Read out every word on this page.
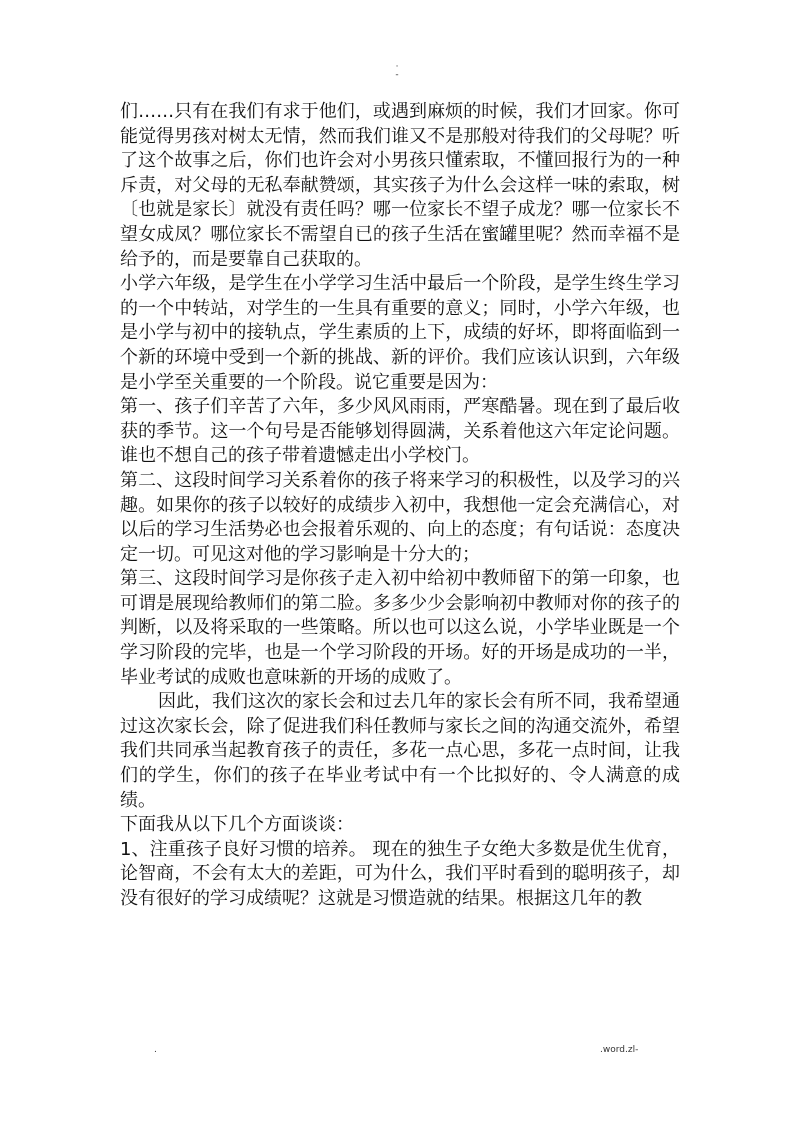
·
-

们……只有在我们有求于他们，或遇到麻烦的时候，我们才回家。你可能觉得男孩对树太无情，然而我们谁又不是那般对待我们的父母呢？听了这个故事之后，你们也许会对小男孩只懂索取，不懂回报行为的一种斥责，对父母的无私奉献赞颂，其实孩子为什么会这样一味的索取，树〔也就是家长〕就没有责任吗？哪一位家长不望子成龙？哪一位家长不望女成凤？哪位家长不需望自已的孩子生活在蜜罐里呢？然而幸福不是给予的，而是要靠自己获取的。

小学六年级，是学生在小学学习生活中最后一个阶段，是学生终生学习的一个中转站，对学生的一生具有重要的意义；同时，小学六年级，也是小学与初中的接轨点，学生素质的上下，成绩的好坏，即将面临到一个新的环境中受到一个新的挑战、新的评价。我们应该认识到，六年级是小学至关重要的一个阶段。说它重要是因为：

第一、孩子们辛苦了六年，多少风风雨雨，严寒酷暑。现在到了最后收获的季节。这一个句号是否能够划得圆满，关系着他这六年定论问题。谁也不想自己的孩子带着遗憾走出小学校门。

第二、这段时间学习关系着你的孩子将来学习的积极性，以及学习的兴趣。如果你的孩子以较好的成绩步入初中，我想他一定会充满信心，对以后的学习生活势必也会报着乐观的、向上的态度；有句话说：态度决定一切。可见这对他的学习影响是十分大的；

第三、这段时间学习是你孩子走入初中给初中教师留下的第一印象，也可谓是展现给教师们的第二脸。多多少少会影响初中教师对你的孩子的判断，以及将采取的一些策略。所以也可以这么说，小学毕业既是一个学习阶段的完毕，也是一个学习阶段的开场。好的开场是成功的一半，毕业考试的成败也意味新的开场的成败了。

因此，我们这次的家长会和过去几年的家长会有所不同，我希望通过这次家长会，除了促进我们科任教师与家长之间的沟通交流外，希望我们共同承当起教育孩子的责任，多花一点心思，多花一点时间，让我们的学生，你们的孩子在毕业考试中有一个比拟好的、令人满意的成绩。

下面我从以下几个方面谈谈：

1、注重孩子良好习惯的培养。 现在的独生子女绝大多数是优生优育，论智商，不会有太大的差距，可为什么，我们平时看到的聪明孩子，却没有很好的学习成绩呢？这就是习惯造就的结果。根据这几年的教

.	.word.zl-
